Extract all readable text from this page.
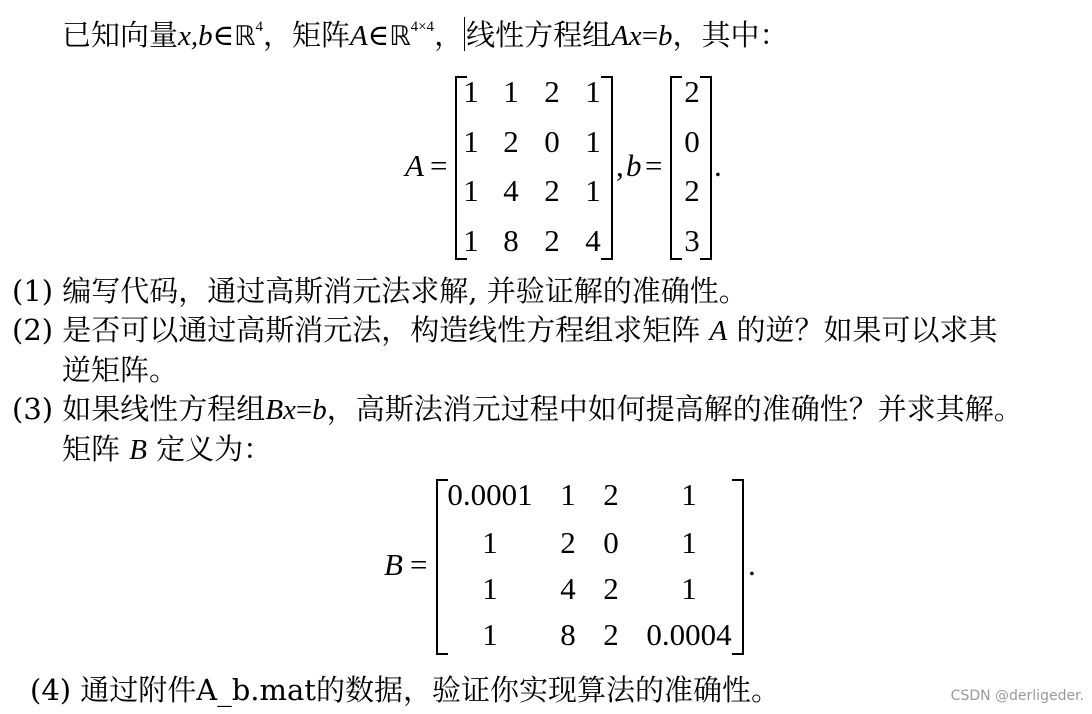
已知向量x,b∈ℝ$^4$，矩阵A∈ℝ$^{4\times 4}$， 线性方程组Ax=b，其中：
A =
1 1 2 1
1 2 0 1
1 4 2 1
1 8 2 4
, b =
2
0
2
3
.
(1) 编写代码，通过高斯消元法求解, 并验证解的准确性。
(2) 是否可以通过高斯消元法，构造线性方程组求矩阵 A 的逆？如果可以求其
逆矩阵。
(3) 如果线性方程组Bx=b，高斯法消元过程中如何提高解的准确性？并求其解。
矩阵 B 定义为：
B =
0.0001 1 2	1
1	2 0	1
1	4 2	1
1	8 2 0.0004
.
(4) 通过附件A_b.mat的数据，验证你实现算法的准确性。	CSDN @derligeder.
